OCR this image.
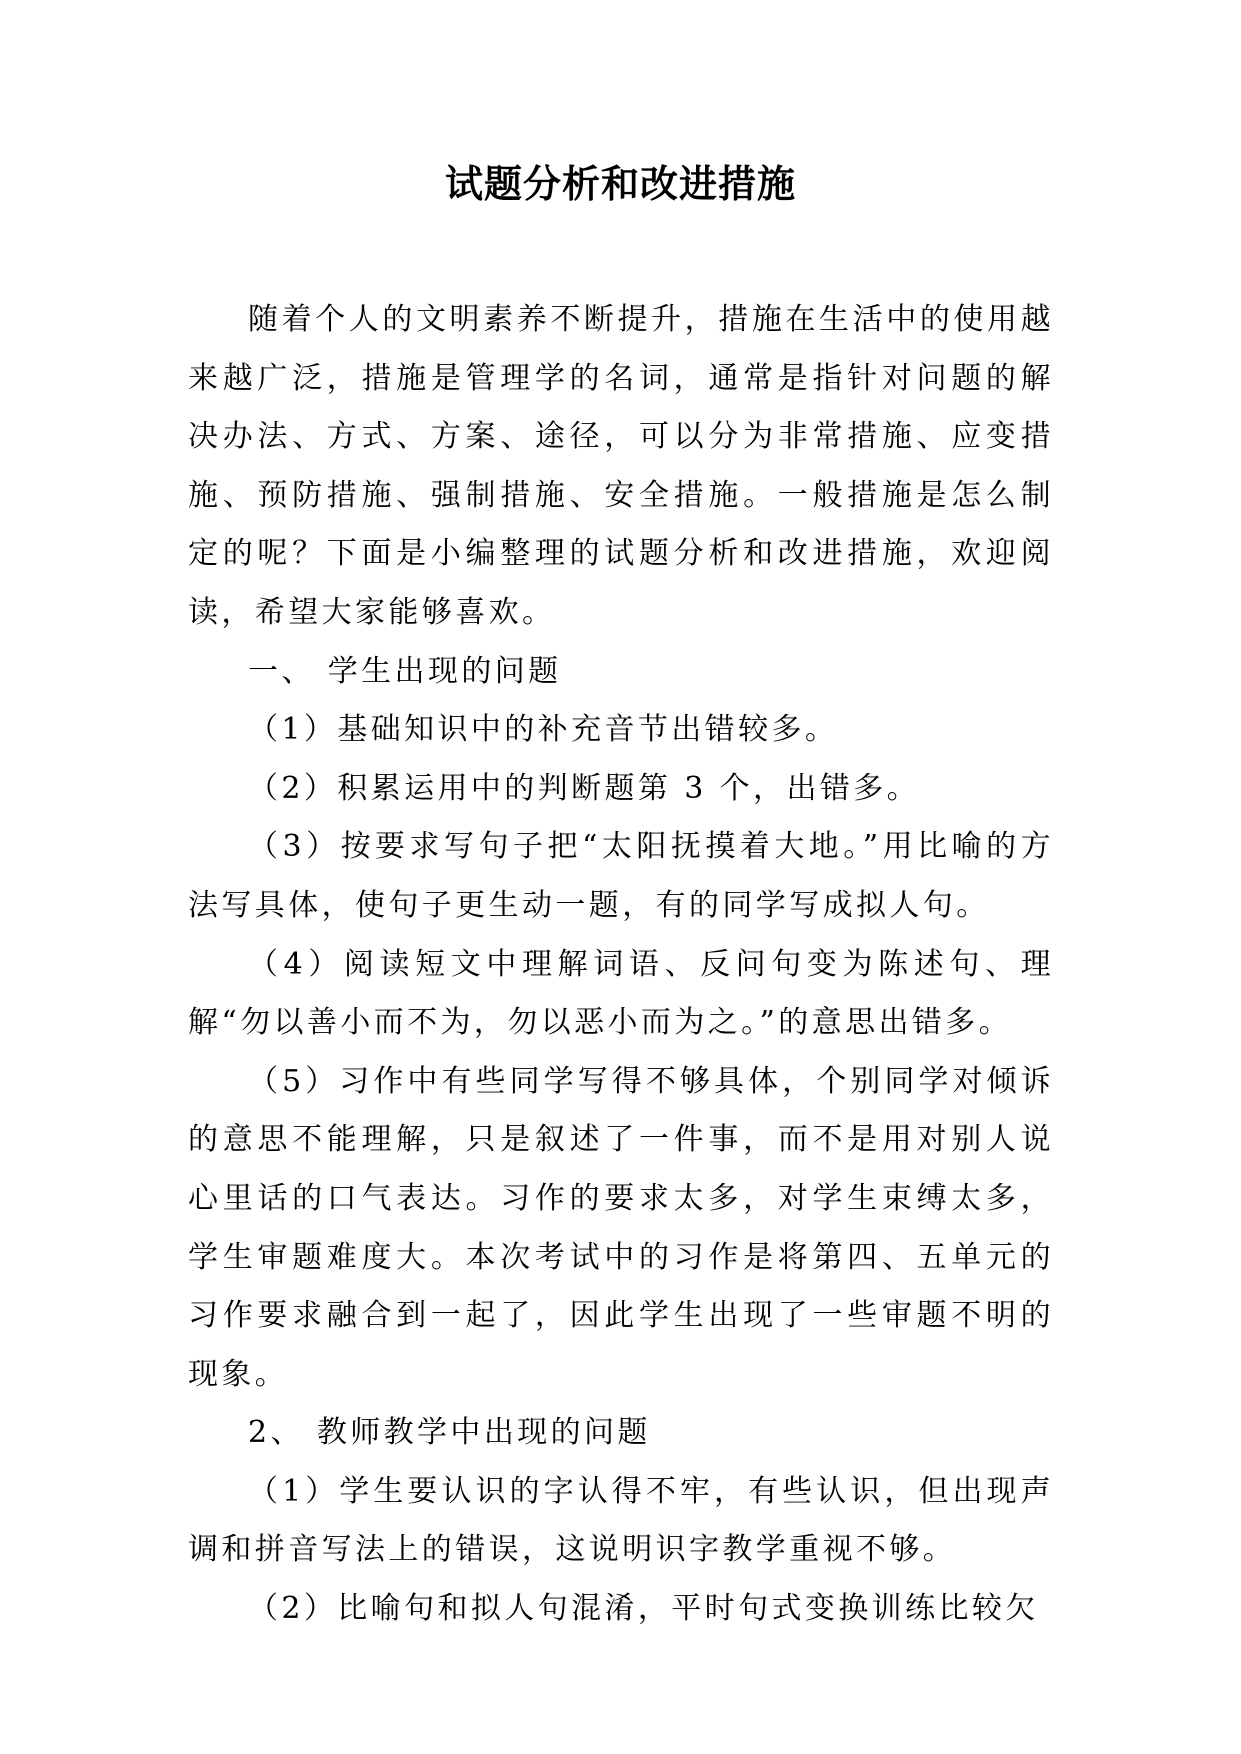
试题分析和改进措施

随着个人的文明素养不断提升，措施在生活中的使用越来越广泛，措施是管理学的名词，通常是指针对问题的解决办法、方式、方案、途径，可以分为非常措施、应变措施、预防措施、强制措施、安全措施。一般措施是怎么制定的呢？下面是小编整理的试题分析和改进措施，欢迎阅读，希望大家能够喜欢。

一、 学生出现的问题

（1）基础知识中的补充音节出错较多。

（2）积累运用中的判断题第 3 个，出错多。

（3）按要求写句子把“太阳抚摸着大地。”用比喻的方法写具体，使句子更生动一题，有的同学写成拟人句。

（4）阅读短文中理解词语、反问句变为陈述句、理解“勿以善小而不为，勿以恶小而为之。”的意思出错多。

（5）习作中有些同学写得不够具体，个别同学对倾诉的意思不能理解，只是叙述了一件事，而不是用对别人说心里话的口气表达。习作的要求太多，对学生束缚太多，学生审题难度大。本次考试中的习作是将第四、五单元的习作要求融合到一起了，因此学生出现了一些审题不明的现象。

2、 教师教学中出现的问题

（1）学生要认识的字认得不牢，有些认识，但出现声调和拼音写法上的错误，这说明识字教学重视不够。

（2）比喻句和拟人句混淆，平时句式变换训练比较欠
